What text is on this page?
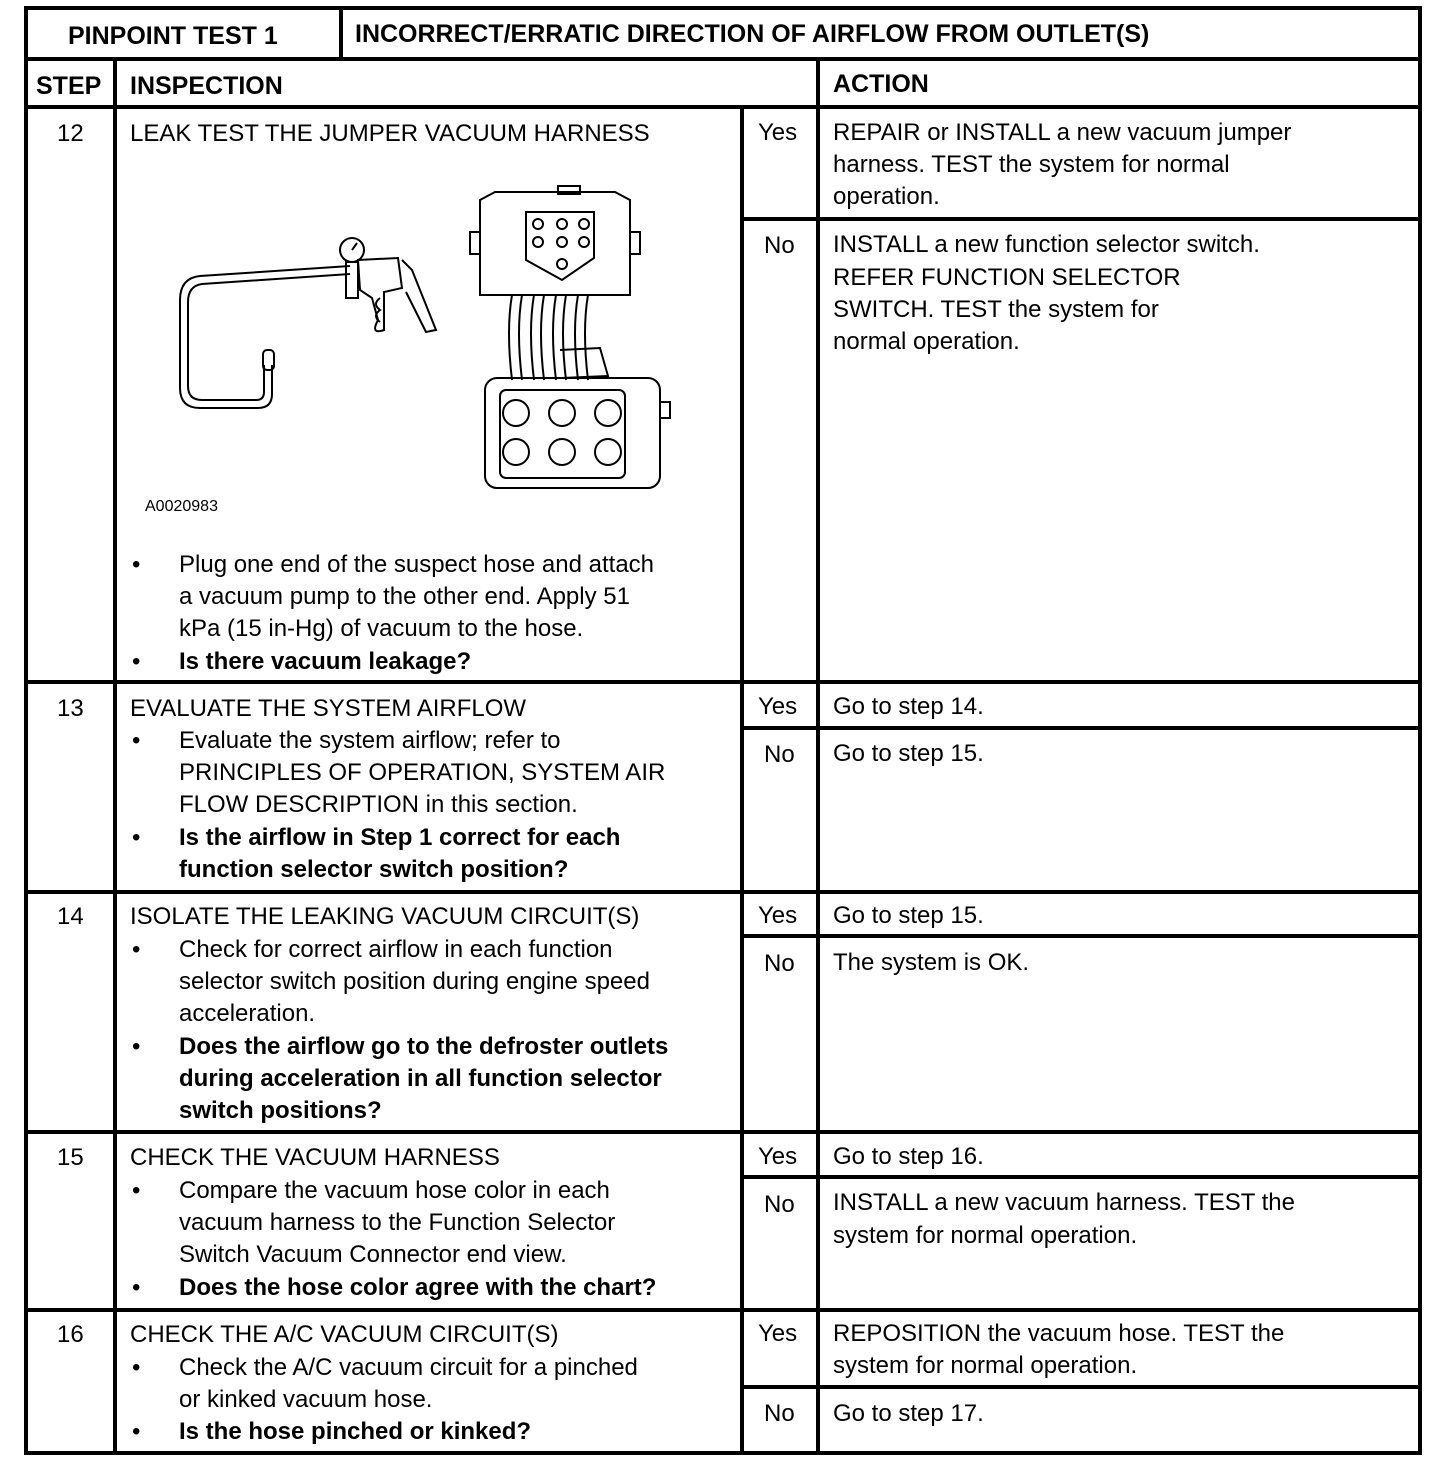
PINPOINT TEST 1	INCORRECT/ERRATIC DIRECTION OF AIRFLOW FROM OUTLET(S)
STEP INSPECTION	ACTION
12 LEAK TEST THE JUMPER VACUUM HARNESS
A0020983
• Plug one end of the suspect hose and attach
a vacuum pump to the other end. Apply 51
kPa (15 in-Hg) of vacuum to the hose.
• Is there vacuum leakage?
Yes REPAIR or INSTALL a new vacuum jumper
harness. TEST the system for normal
operation.
No INSTALL a new function selector switch.
REFER FUNCTION SELECTOR
SWITCH. TEST the system for
normal operation.
13 EVALUATE THE SYSTEM AIRFLOW
• Evaluate the system airflow; refer to
PRINCIPLES OF OPERATION, SYSTEM AIR
FLOW DESCRIPTION in this section.
• Is the airflow in Step 1 correct for each
function selector switch position?
Yes Go to step 14.
No Go to step 15.
14 ISOLATE THE LEAKING VACUUM CIRCUIT(S)
• Check for correct airflow in each function
selector switch position during engine speed
acceleration.
• Does the airflow go to the defroster outlets
during acceleration in all function selector
switch positions?
Yes Go to step 15.
No The system is OK.
15 CHECK THE VACUUM HARNESS
• Compare the vacuum hose color in each
vacuum harness to the Function Selector
Switch Vacuum Connector end view.
• Does the hose color agree with the chart?
Yes Go to step 16.
No INSTALL a new vacuum harness. TEST the
system for normal operation.
16 CHECK THE A/C VACUUM CIRCUIT(S)
• Check the A/C vacuum circuit for a pinched
or kinked vacuum hose.
• Is the hose pinched or kinked?
Yes REPOSITION the vacuum hose. TEST the
system for normal operation.
No Go to step 17.
